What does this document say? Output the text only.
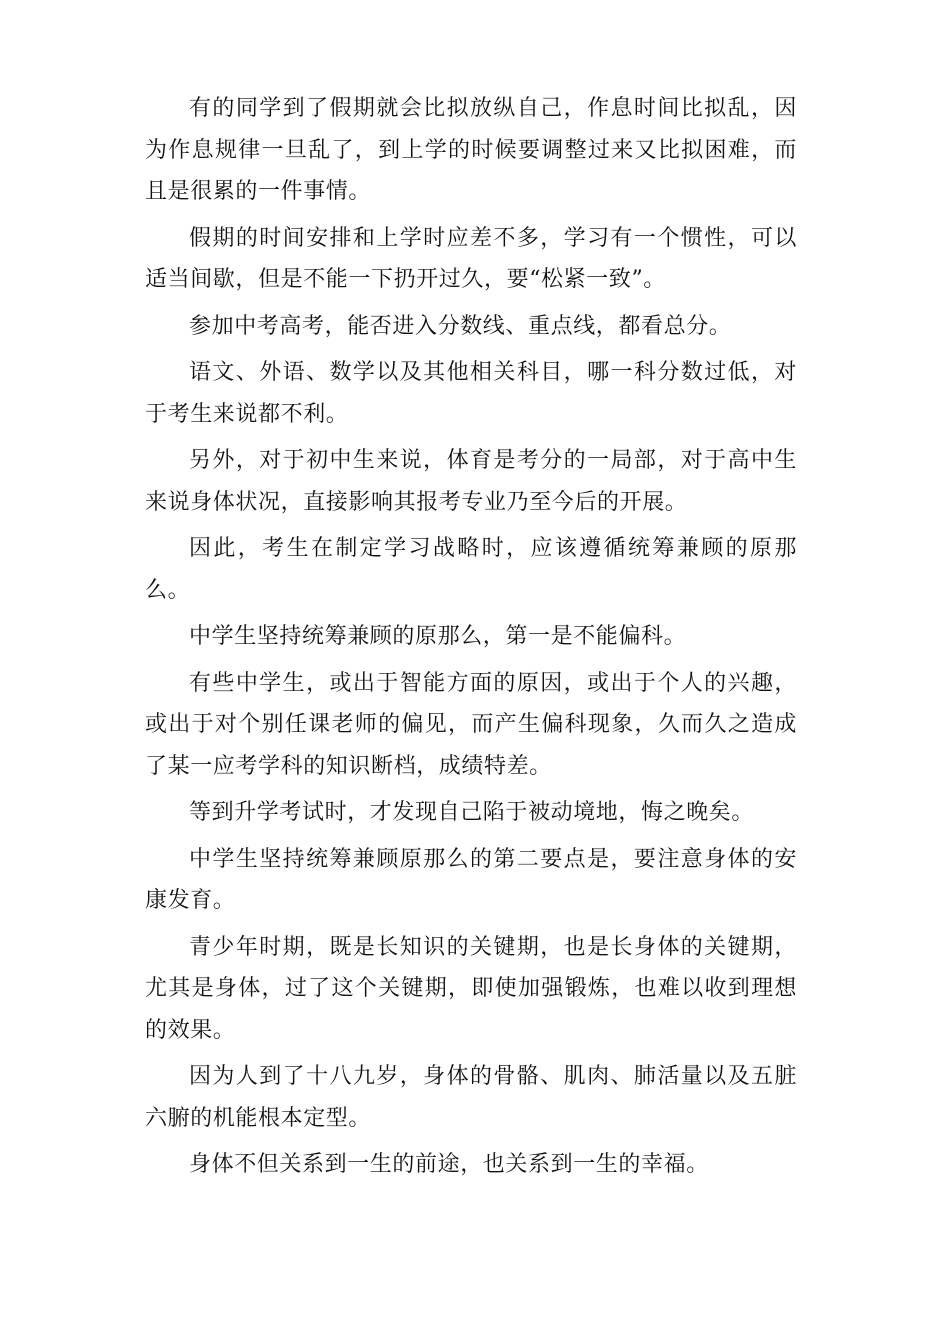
有的同学到了假期就会比拟放纵自己，作息时间比拟乱，因为作息规律一旦乱了，到上学的时候要调整过来又比拟困难，而且是很累的一件事情。

假期的时间安排和上学时应差不多，学习有一个惯性，可以适当间歇，但是不能一下扔开过久，要“松紧一致”。

参加中考高考，能否进入分数线、重点线，都看总分。

语文、外语、数学以及其他相关科目，哪一科分数过低，对于考生来说都不利。

另外，对于初中生来说，体育是考分的一局部，对于高中生来说身体状况，直接影响其报考专业乃至今后的开展。

因此，考生在制定学习战略时，应该遵循统筹兼顾的原那么。

中学生坚持统筹兼顾的原那么，第一是不能偏科。

有些中学生，或出于智能方面的原因，或出于个人的兴趣，或出于对个别任课老师的偏见，而产生偏科现象，久而久之造成了某一应考学科的知识断档，成绩特差。

等到升学考试时，才发现自己陷于被动境地，悔之晚矣。

中学生坚持统筹兼顾原那么的第二要点是，要注意身体的安康发育。

青少年时期，既是长知识的关键期，也是长身体的关键期，尤其是身体，过了这个关键期，即使加强锻炼，也难以收到理想的效果。

因为人到了十八九岁，身体的骨骼、肌肉、肺活量以及五脏六腑的机能根本定型。

身体不但关系到一生的前途，也关系到一生的幸福。
